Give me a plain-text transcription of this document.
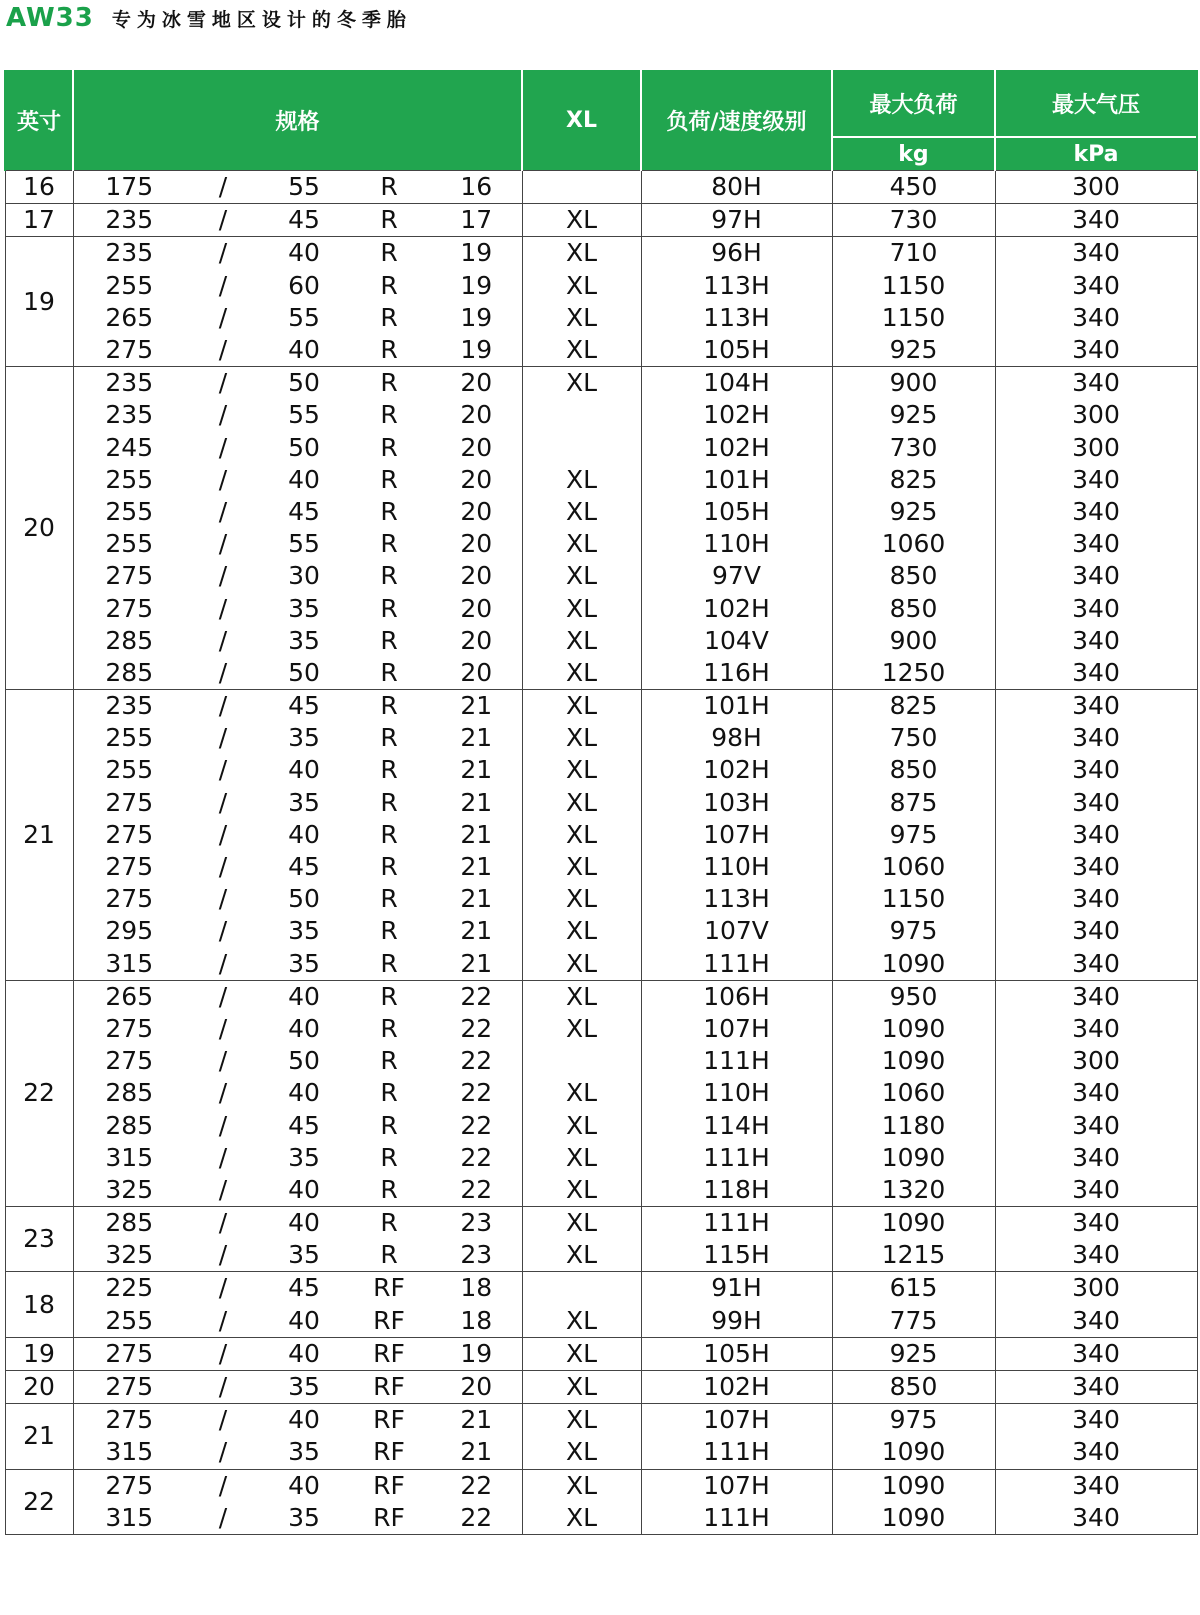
AW33 专为冰雪地区设计的冬季胎
英寸	规格					XL	负荷/速度级别	最大负荷	最大气压
								kg	kPa
16	175	/	55	R	16		80H	450	300
17	235	/	45	R	17	XL	97H	730	340
19	235	/	40	R	19	XL	96H	710	340
	255	/	60	R	19	XL	113H	1150	340
	265	/	55	R	19	XL	113H	1150	340
	275	/	40	R	19	XL	105H	925	340
20	235	/	50	R	20	XL	104H	900	340
	235	/	55	R	20		102H	925	300
	245	/	50	R	20		102H	730	300
	255	/	40	R	20	XL	101H	825	340
	255	/	45	R	20	XL	105H	925	340
	255	/	55	R	20	XL	110H	1060	340
	275	/	30	R	20	XL	97V	850	340
	275	/	35	R	20	XL	102H	850	340
	285	/	35	R	20	XL	104V	900	340
	285	/	50	R	20	XL	116H	1250	340
21	235	/	45	R	21	XL	101H	825	340
	255	/	35	R	21	XL	98H	750	340
	255	/	40	R	21	XL	102H	850	340
	275	/	35	R	21	XL	103H	875	340
	275	/	40	R	21	XL	107H	975	340
	275	/	45	R	21	XL	110H	1060	340
	275	/	50	R	21	XL	113H	1150	340
	295	/	35	R	21	XL	107V	975	340
	315	/	35	R	21	XL	111H	1090	340
22	265	/	40	R	22	XL	106H	950	340
	275	/	40	R	22	XL	107H	1090	340
	275	/	50	R	22		111H	1090	300
	285	/	40	R	22	XL	110H	1060	340
	285	/	45	R	22	XL	114H	1180	340
	315	/	35	R	22	XL	111H	1090	340
	325	/	40	R	22	XL	118H	1320	340
23	285	/	40	R	23	XL	111H	1090	340
	325	/	35	R	23	XL	115H	1215	340
18	225	/	45	RF	18		91H	615	300
	255	/	40	RF	18	XL	99H	775	340
19	275	/	40	RF	19	XL	105H	925	340
20	275	/	35	RF	20	XL	102H	850	340
21	275	/	40	RF	21	XL	107H	975	340
	315	/	35	RF	21	XL	111H	1090	340
22	275	/	40	RF	22	XL	107H	1090	340
	315	/	35	RF	22	XL	111H	1090	340
